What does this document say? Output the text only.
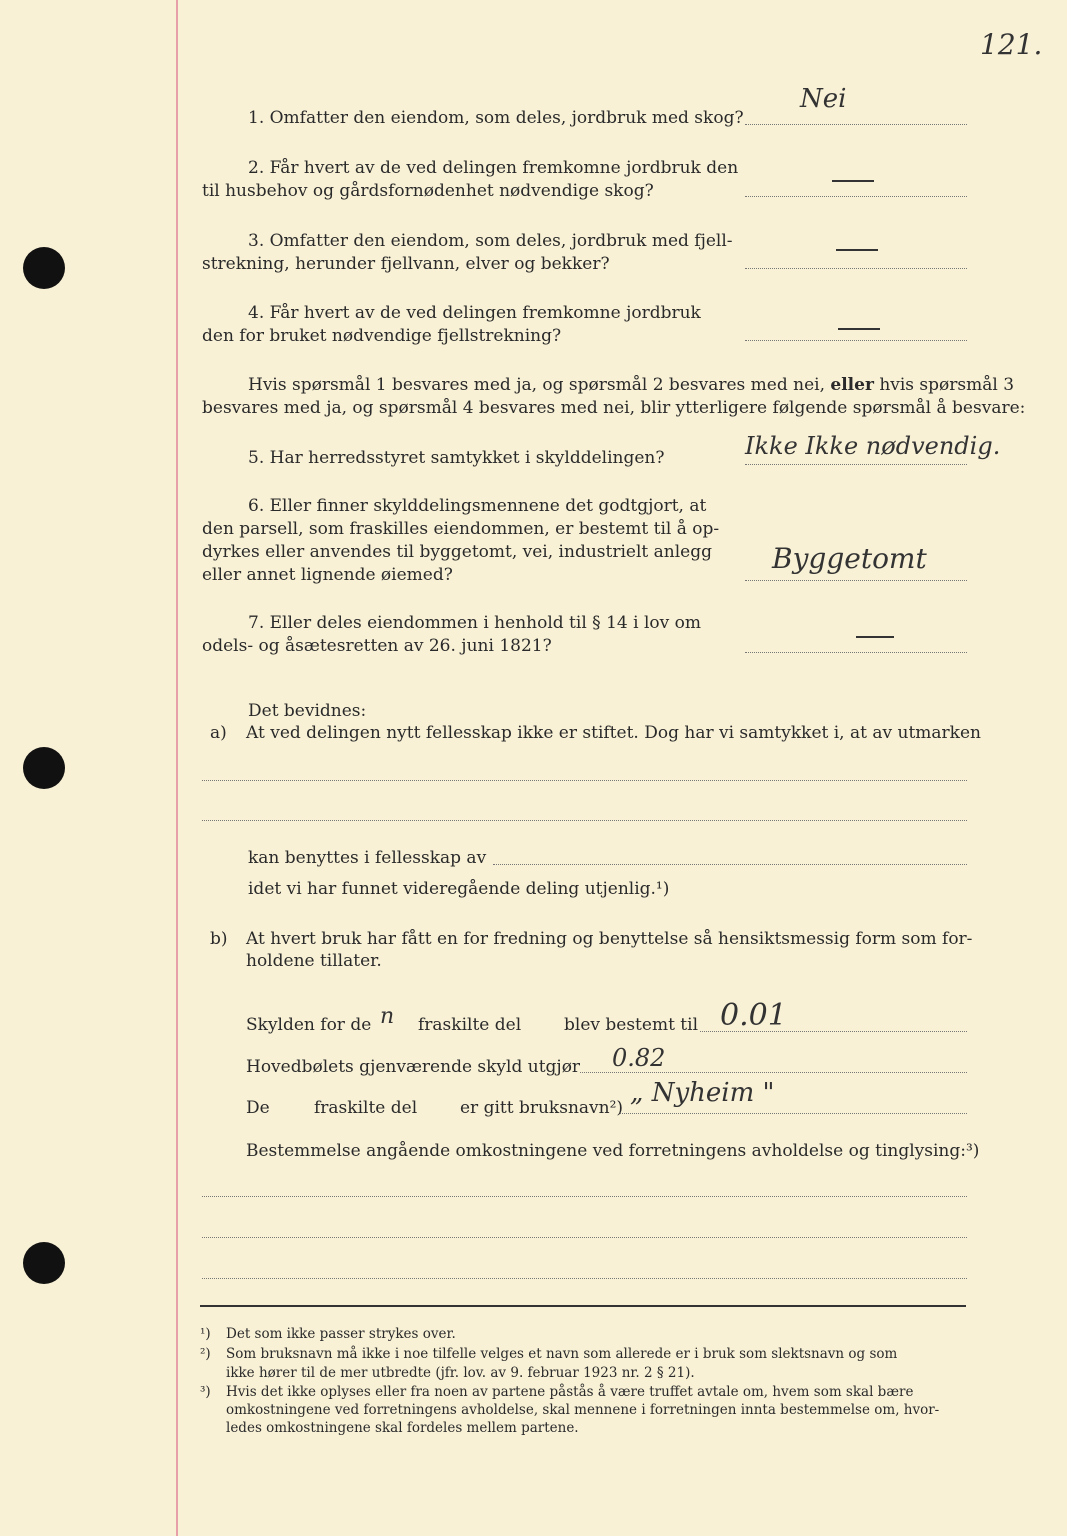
121.
1. Omfatter den eiendom, som deles, jordbruk med skog?
Nei
2. Får hvert av de ved delingen fremkomne jordbruk den
til husbehov og gårdsfornødenhet nødvendige skog?
3. Omfatter den eiendom, som deles, jordbruk med fjell-
strekning, herunder fjellvann, elver og bekker?
4. Får hvert av de ved delingen fremkomne jordbruk
den for bruket nødvendige fjellstrekning?
Hvis spørsmål 1 besvares med ja, og spørsmål 2 besvares med nei, eller hvis spørsmål 3
besvares med ja, og spørsmål 4 besvares med nei, blir ytterligere følgende spørsmål å besvare:
5. Har herredsstyret samtykket i skylddelingen?	Ikke Ikke nødvendig.
6. Eller finner skylddelingsmennene det godtgjort, at
den parsell, som fraskilles eiendommen, er bestemt til å op-
dyrkes eller anvendes til byggetomt, vei, industrielt anlegg
eller annet lignende øiemed?	Byggetomt
7. Eller deles eiendommen i henhold til § 14 i lov om
odels- og åsætesretten av 26. juni 1821?
Det bevidnes:
a) At ved delingen nytt fellesskap ikke er stiftet. Dog har vi samtykket i, at av utmarken
kan benyttes i fellesskap av
idet vi har funnet videregående deling utjenlig.¹)
b) At hvert bruk har fått en for fredning og benyttelse så hensiktsmessig form som for-
holdene tillater.
Skylden for de n fraskilte del	blev bestemt til 0.01
Hovedbølets gjenværende skyld utgjør 0.82
De	fraskilte del	er gitt bruksnavn²) „ Nyheim "
Bestemmelse angående omkostningene ved forretningens avholdelse og tinglysing:³)
¹) Det som ikke passer strykes over.
²) Som bruksnavn må ikke i noe tilfelle velges et navn som allerede er i bruk som slektsnavn og som
ikke hører til de mer utbredte (jfr. lov. av 9. februar 1923 nr. 2 § 21).
³) Hvis det ikke oplyses eller fra noen av partene påstås å være truffet avtale om, hvem som skal bære
omkostningene ved forretningens avholdelse, skal mennene i forretningen innta bestemmelse om, hvor-
ledes omkostningene skal fordeles mellem partene.
